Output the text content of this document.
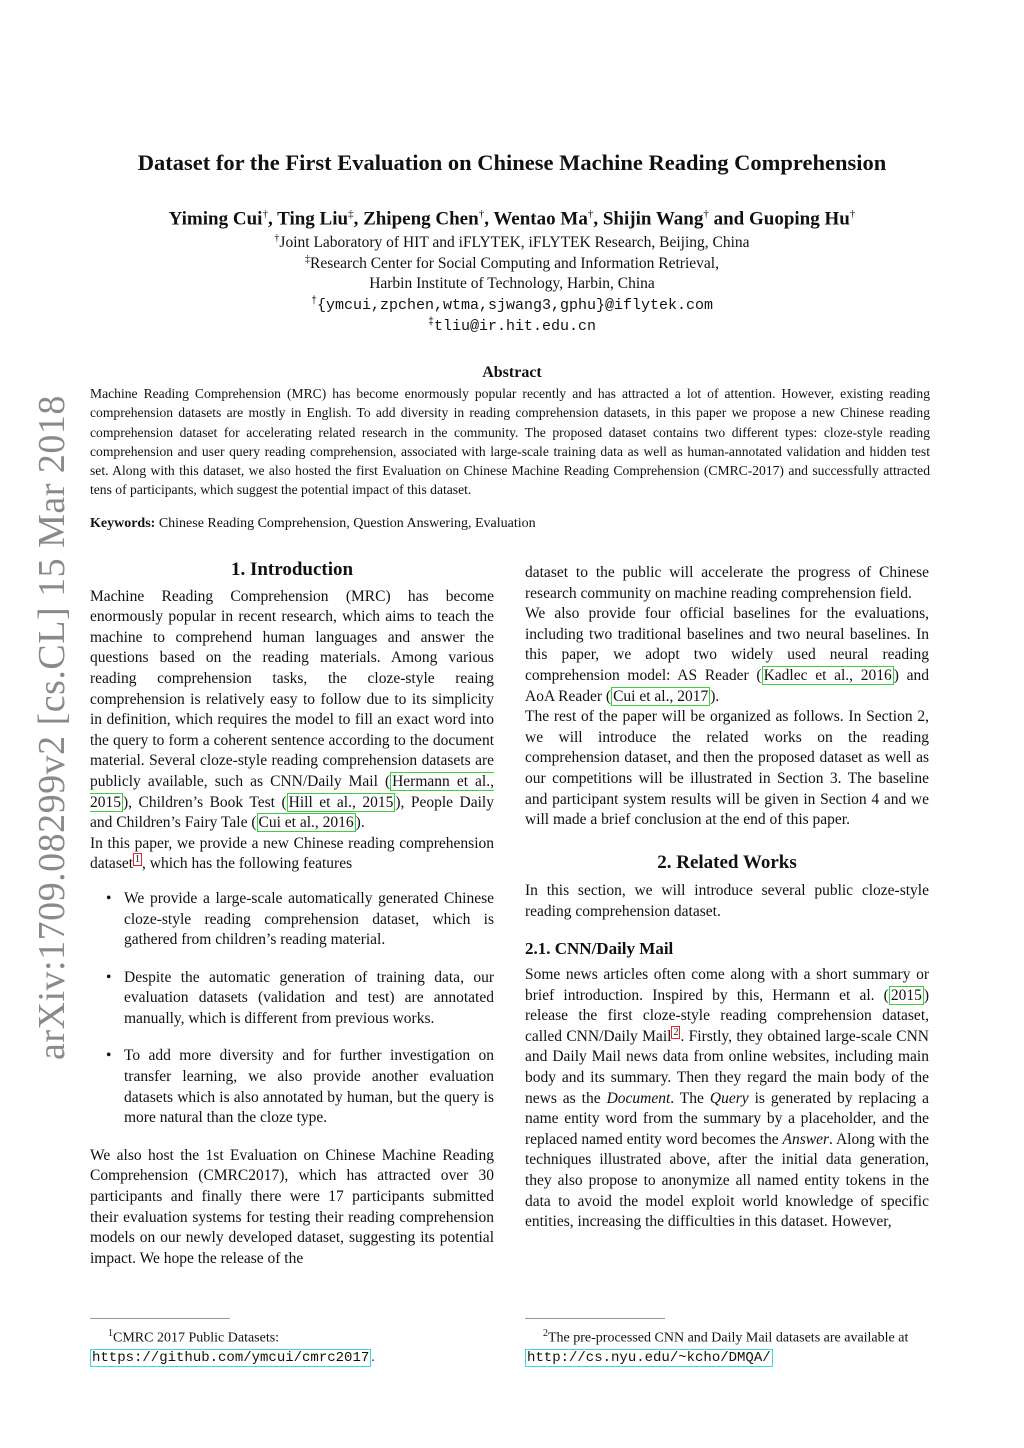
arXiv:1709.08299v2 [cs.CL] 15 Mar 2018
Dataset for the First Evaluation on Chinese Machine Reading Comprehension
Yiming Cui†, Ting Liu‡, Zhipeng Chen†, Wentao Ma†, Shijin Wang† and Guoping Hu†
†Joint Laboratory of HIT and iFLYTEK, iFLYTEK Research, Beijing, China
‡Research Center for Social Computing and Information Retrieval,
Harbin Institute of Technology, Harbin, China
†{ymcui,zpchen,wtma,sjwang3,gphu}@iflytek.com
‡tliu@ir.hit.edu.cn
Abstract
Machine Reading Comprehension (MRC) has become enormously popular recently and has attracted a lot of attention. However, existing reading comprehension datasets are mostly in English. To add diversity in reading comprehension datasets, in this paper we propose a new Chinese reading comprehension dataset for accelerating related research in the community. The proposed dataset contains two different types: cloze-style reading comprehension and user query reading comprehension, associated with large-scale training data as well as human-annotated validation and hidden test set. Along with this dataset, we also hosted the first Evaluation on Chinese Machine Reading Comprehension (CMRC-2017) and successfully attracted tens of participants, which suggest the potential impact of this dataset.
Keywords: Chinese Reading Comprehension, Question Answering, Evaluation
1. Introduction

Machine Reading Comprehension (MRC) has become enormously popular in recent research, which aims to teach the machine to comprehend human languages and answer the questions based on the reading materials. Among various reading comprehension tasks, the cloze-style reaing comprehension is relatively easy to follow due to its simplicity in definition, which requires the model to fill an exact word into the query to form a coherent sentence according to the document material. Several cloze-style reading comprehension datasets are publicly available, such as CNN/Daily Mail ( Hermann et al., 2015 ), Children’s Book Test ( Hill et al., 2015 ), People Daily and Children’s Fairy Tale ( Cui et al., 2016 ).

In this paper, we provide a new Chinese reading comprehension dataset $^1$ , which has the following features

• We provide a large-scale automatically generated Chinese cloze-style reading comprehension dataset, which is gathered from children’s reading material.
• Despite the automatic generation of training data, our evaluation datasets (validation and test) are annotated manually, which is different from previous works.
• To add more diversity and for further investigation on transfer learning, we also provide another evaluation datasets which is also annotated by human, but the query is more natural than the cloze type.

We also host the 1st Evaluation on Chinese Machine Reading Comprehension (CMRC2017), which has attracted over 30 participants and finally there were 17 participants submitted their evaluation systems for testing their reading comprehension models on our newly developed dataset, suggesting its potential impact. We hope the release of the

dataset to the public will accelerate the progress of Chinese research community on machine reading comprehension field.

We also provide four official baselines for the evaluations, including two traditional baselines and two neural baselines. In this paper, we adopt two widely used neural reading comprehension model: AS Reader ( Kadlec et al., 2016 ) and AoA Reader ( Cui et al., 2017 ).

The rest of the paper will be organized as follows. In Section 2, we will introduce the related works on the reading comprehension dataset, and then the proposed dataset as well as our competitions will be illustrated in Section 3. The baseline and participant system results will be given in Section 4 and we will made a brief conclusion at the end of this paper.

2. Related Works

In this section, we will introduce several public cloze-style reading comprehension dataset.

2.1. CNN/Daily Mail

Some news articles often come along with a short summary or brief introduction. Inspired by this, Hermann et al. ( 2015 ) release the first cloze-style reading comprehension dataset, called CNN/Daily Mail $^2$ . Firstly, they obtained large-scale CNN and Daily Mail news data from online websites, including main body and its summary. Then they regard the main body of the news as the Document. The Query is generated by replacing a name entity word from the summary by a placeholder, and the replaced named entity word becomes the Answer. Along with the techniques illustrated above, after the initial data generation, they also propose to anonymize all named entity tokens in the data to avoid the model exploit world knowledge of specific entities, increasing the difficulties in this dataset. However,

$^1$CMRC 2017 Public Datasets: https://github.com/ymcui/cmrc2017 .
$^2$The pre-processed CNN and Daily Mail datasets are available at http://cs.nyu.edu/~kcho/DMQA/
